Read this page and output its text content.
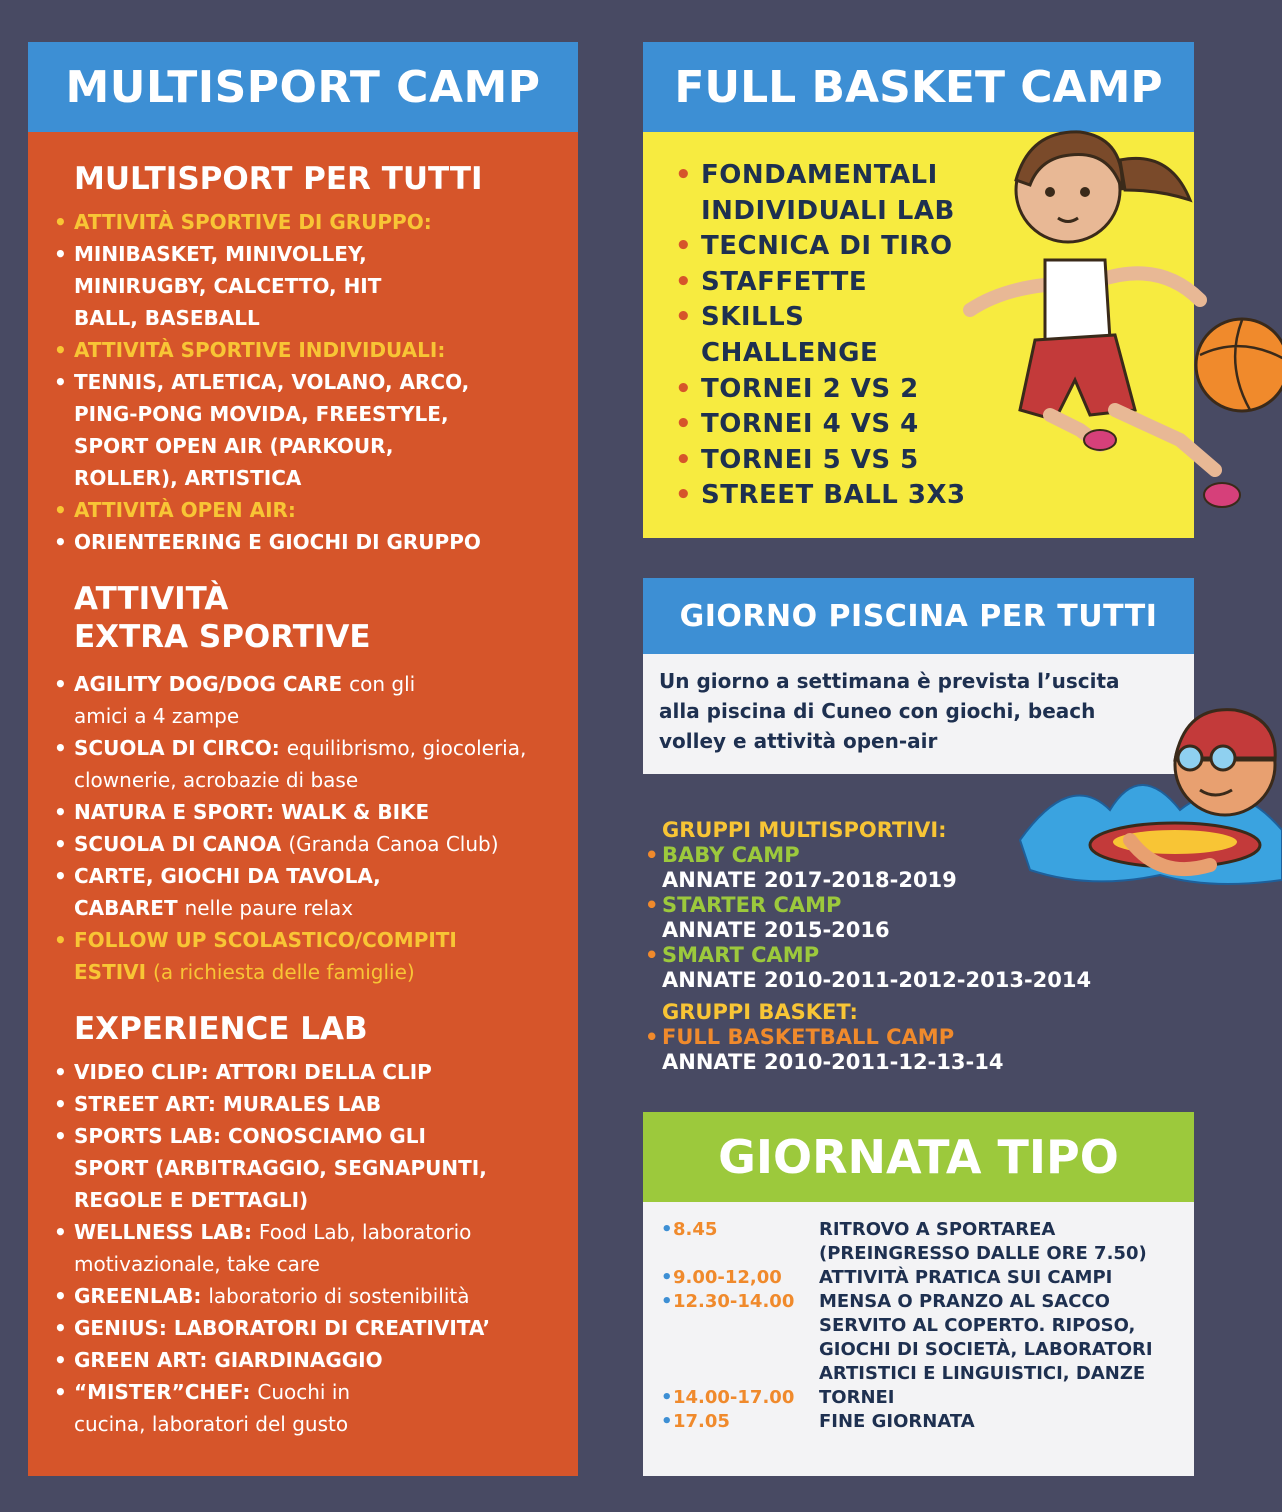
MULTISPORT CAMP
MULTISPORT PER TUTTI
• ATTIVITÀ SPORTIVE DI GRUPPO:
• MINIBASKET, MINIVOLLEY, MINIRUGBY, CALCETTO, HIT BALL, BASEBALL
• ATTIVITÀ SPORTIVE INDIVIDUALI:
• TENNIS, ATLETICA, VOLANO, ARCO, PING-PONG MOVIDA, FREESTYLE, SPORT OPEN AIR (PARKOUR, ROLLER), ARTISTICA
• ATTIVITÀ OPEN AIR:
• ORIENTEERING E GIOCHI DI GRUPPO
ATTIVITÀ
EXTRA SPORTIVE
• AGILITY DOG/DOG CARE con gli amici a 4 zampe
• SCUOLA DI CIRCO: equilibrismo, giocoleria, clownerie, acrobazie di base
• NATURA E SPORT: WALK & BIKE
• SCUOLA DI CANOA (Granda Canoa Club)
• CARTE, GIOCHI DA TAVOLA, CABARET nelle paure relax
• FOLLOW UP SCOLASTICO/COMPITI ESTIVI (a richiesta delle famiglie)
EXPERIENCE LAB
• VIDEO CLIP: ATTORI DELLA CLIP
• STREET ART: MURALES LAB
• SPORTS LAB: CONOSCIAMO GLI SPORT (ARBITRAGGIO, SEGNAPUNTI, REGOLE E DETTAGLI)
• WELLNESS LAB: Food Lab, laboratorio motivazionale, take care
• GREENLAB: laboratorio di sostenibilità
• GENIUS: LABORATORI DI CREATIVITA’
• GREEN ART: GIARDINAGGIO
• “MISTER”CHEF: Cuochi in cucina, laboratori del gusto
FULL BASKET CAMP
• FONDAMENTALI INDIVIDUALI LAB
• TECNICA DI TIRO
• STAFFETTE
• SKILLS CHALLENGE
• TORNEI 2 VS 2
• TORNEI 4 VS 4
• TORNEI 5 VS 5
• STREET BALL 3X3
GIORNO PISCINA PER TUTTI

Un giorno a settimana è prevista l’uscita alla piscina di Cuneo con giochi, beach volley e attività open-air

GRUPPI MULTISPORTIVI:
• BABY CAMP
ANNATE 2017-2018-2019
• STARTER CAMP
ANNATE 2015-2016
• SMART CAMP
ANNATE 2010-2011-2012-2013-2014
GRUPPI BASKET:
• FULL BASKETBALL CAMP
ANNATE 2010-2011-12-13-14
GIORNATA TIPO
• 8.45	RITROVO A SPORTAREA (PREINGRESSO DALLE ORE 7.50)
• 9.00-12,00	ATTIVITÀ PRATICA SUI CAMPI
• 12.30-14.00	MENSA O PRANZO AL SACCO SERVITO AL COPERTO. RIPOSO, GIOCHI DI SOCIETÀ, LABORATORI ARTISTICI E LINGUISTICI, DANZE
• 14.00-17.00	TORNEI
• 17.05	FINE GIORNATA
